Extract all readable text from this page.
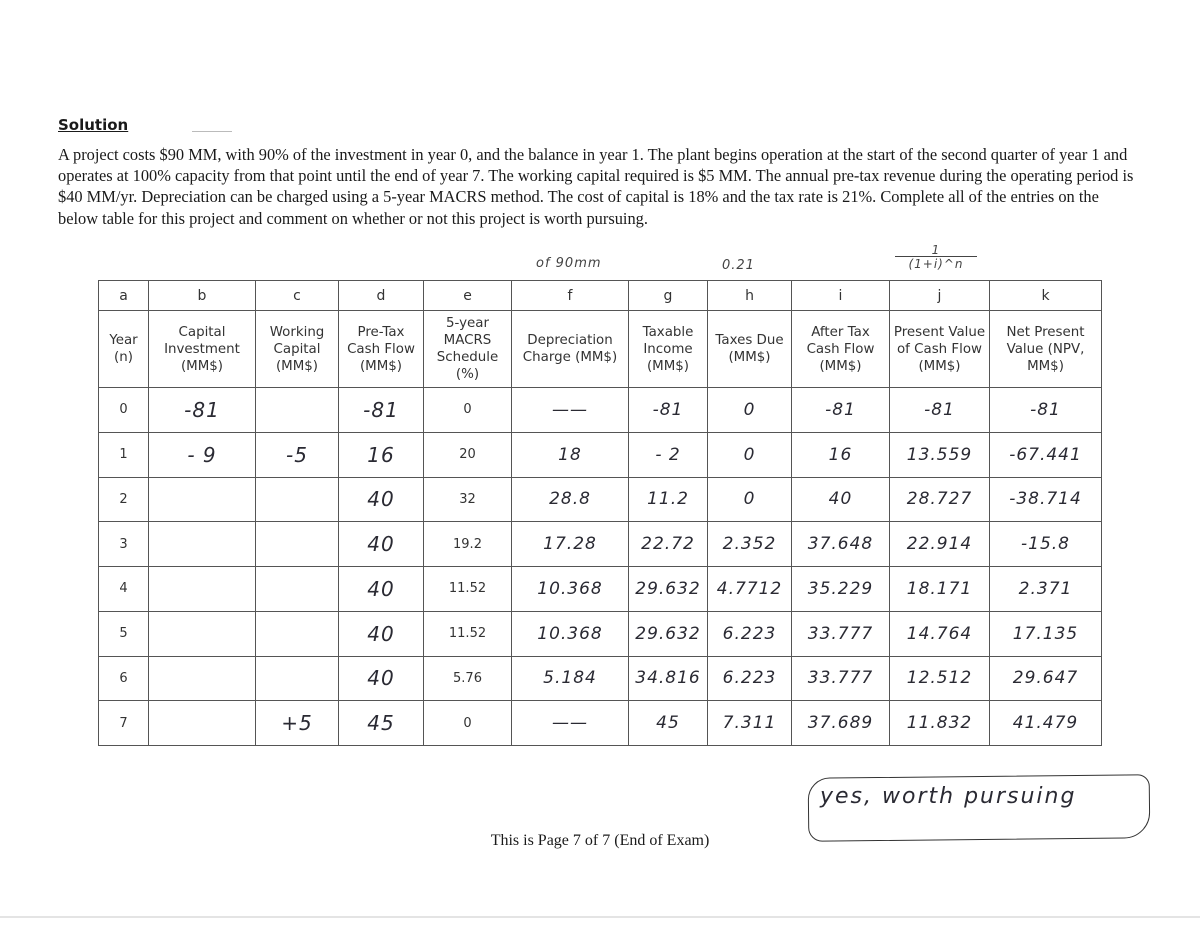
Solution
A project costs $90 MM, with 90% of the investment in year 0, and the balance in year 1. The plant begins operation at the start of the second quarter of year 1 and operates at 100% capacity from that point until the end of year 7. The working capital required is $5 MM. The annual pre-tax revenue during the operating period is $40 MM/yr. Depreciation can be charged using a 5-year MACRS method. The cost of capital is 18% and the tax rate is 21%. Complete all of the entries on the below table for this project and comment on whether or not this project is worth pursuing.
of 90mm	0.21	$\frac{1}{(1+i)\^{}n}$
a	b	c	d	e	f	g	h	i	j	k
Year (n)	Capital Investment (MM$)	Working Capital (MM$)	Pre-Tax Cash Flow (MM$)	5-year MACRS Schedule (%)	Depreciation Charge (MM$)	Taxable Income (MM$)	Taxes Due (MM$)	After Tax Cash Flow (MM$)	Present Value of Cash Flow (MM$)	Net Present Value (NPV, MM$)
0	-81		-81	0	——	-81	0	-81	-81	-81
1	- 9	-5	16	20	18	- 2	0	16	13.559	-67.441
2			40	32	28.8	11.2	0	40	28.727	-38.714
3			40	19.2	17.28	22.72	2.352	37.648	22.914	-15.8
4			40	11.52	10.368	29.632	4.7712	35.229	18.171	2.371
5			40	11.52	10.368	29.632	6.223	33.777	14.764	17.135
6			40	5.76	5.184	34.816	6.223	33.777	12.512	29.647
7		+5	45	0	——	45	7.311	37.689	11.832	41.479
yes, worth pursuing
This is Page 7 of 7 (End of Exam)
